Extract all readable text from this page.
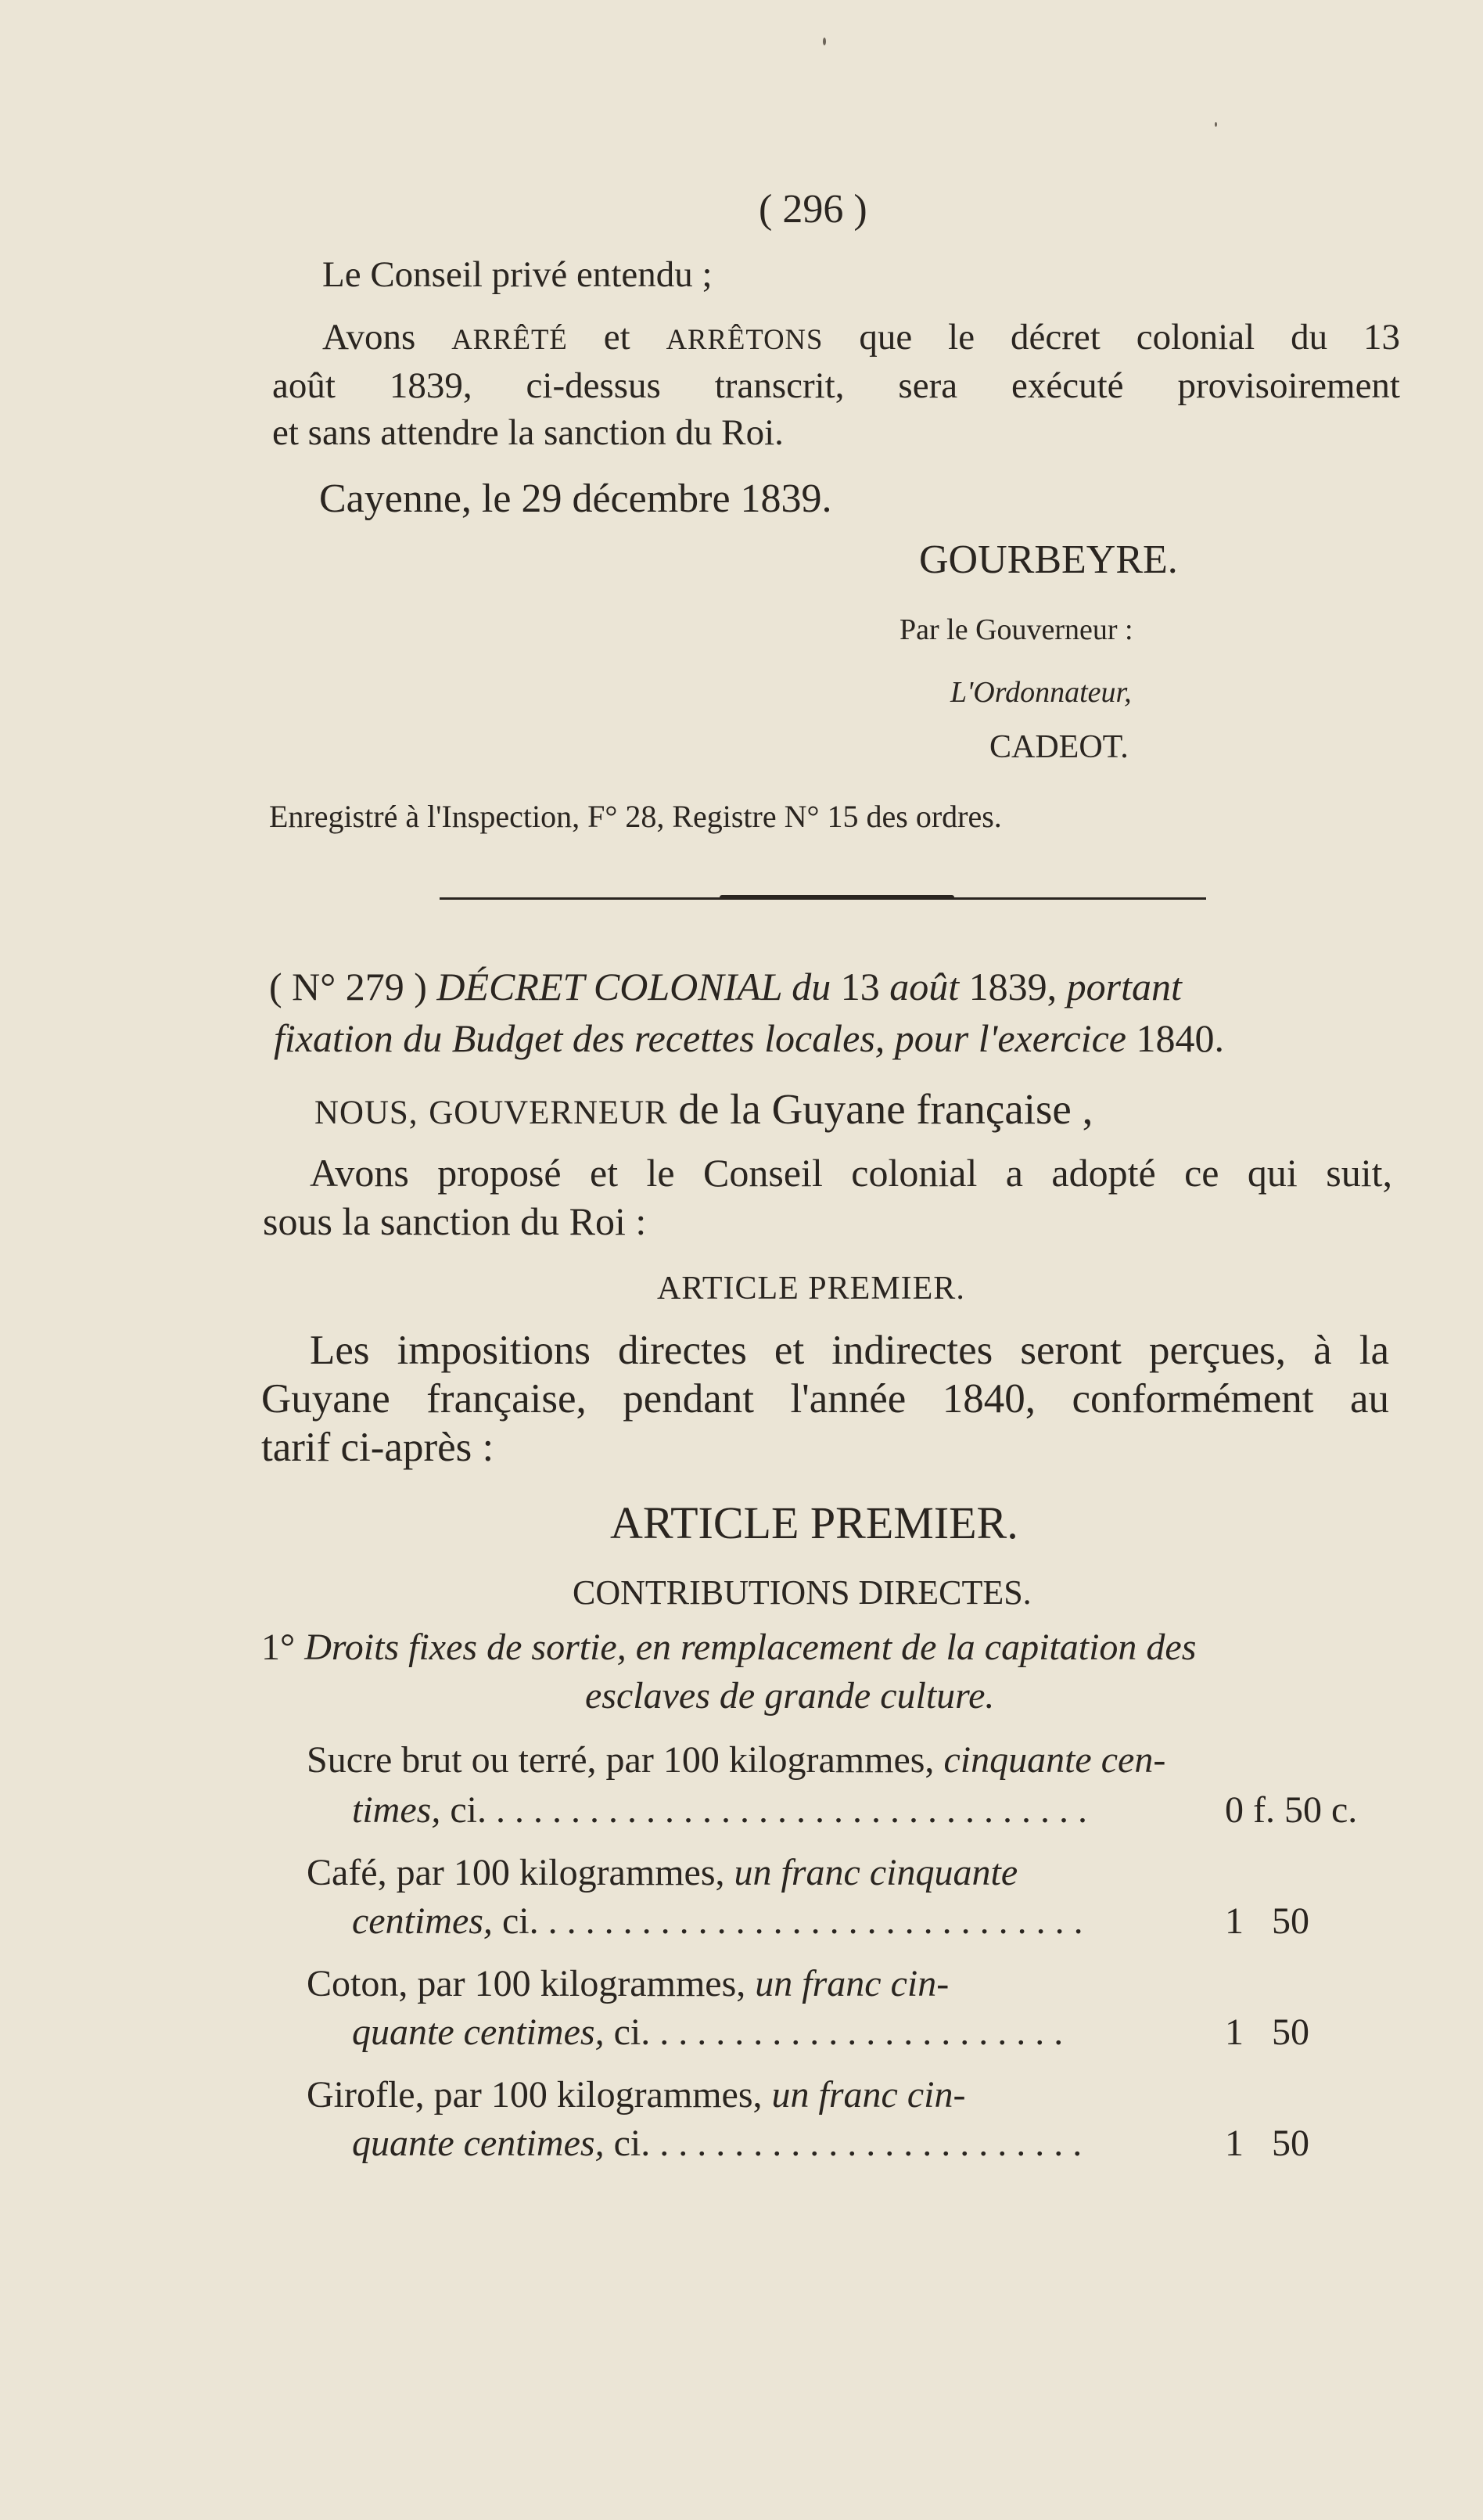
( 296 )
Le Conseil privé entendu ;
Avons ARRÊTÉ et ARRÊTONS que le décret colonial du 13
août 1839, ci-dessus transcrit, sera exécuté provisoirement
et sans attendre la sanction du Roi.
Cayenne, le 29 décembre 1839.
GOURBEYRE.
Par le Gouverneur :
L'Ordonnateur,
CADEOT.
Enregistré à l'Inspection, F° 28, Registre N° 15 des ordres.
( N° 279 ) DÉCRET COLONIAL du 13 août 1839, portant
fixation du Budget des recettes locales, pour l'exercice 1840.
NOUS, GOUVERNEUR de la Guyane française ,
Avons proposé et le Conseil colonial a adopté ce qui suit,
sous la sanction du Roi :
ARTICLE PREMIER.
Les impositions directes et indirectes seront perçues, à la
Guyane française, pendant l'année 1840, conformément au
tarif ci-après :
ARTICLE PREMIER.
CONTRIBUTIONS DIRECTES.
1° Droits fixes de sortie, en remplacement de la capitation des
esclaves de grande culture.
Sucre brut ou terré, par 100 kilogrammes, cinquante cen-
times, ci. . . . . . . . . . . . . . . . . . . . . . . . . . . . . . . . .	0 f. 50 c.
Café, par 100 kilogrammes, un franc cinquante
centimes, ci. . . . . . . . . . . . . . . . . . . . . . . . . . . . . .	1   50
Coton, par 100 kilogrammes, un franc cin-
quante centimes, ci. . . . . . . . . . . . . . . . . . . . . . .	1   50
Girofle, par 100 kilogrammes, un franc cin-
quante centimes, ci. . . . . . . . . . . . . . . . . . . . . . . .	1   50
